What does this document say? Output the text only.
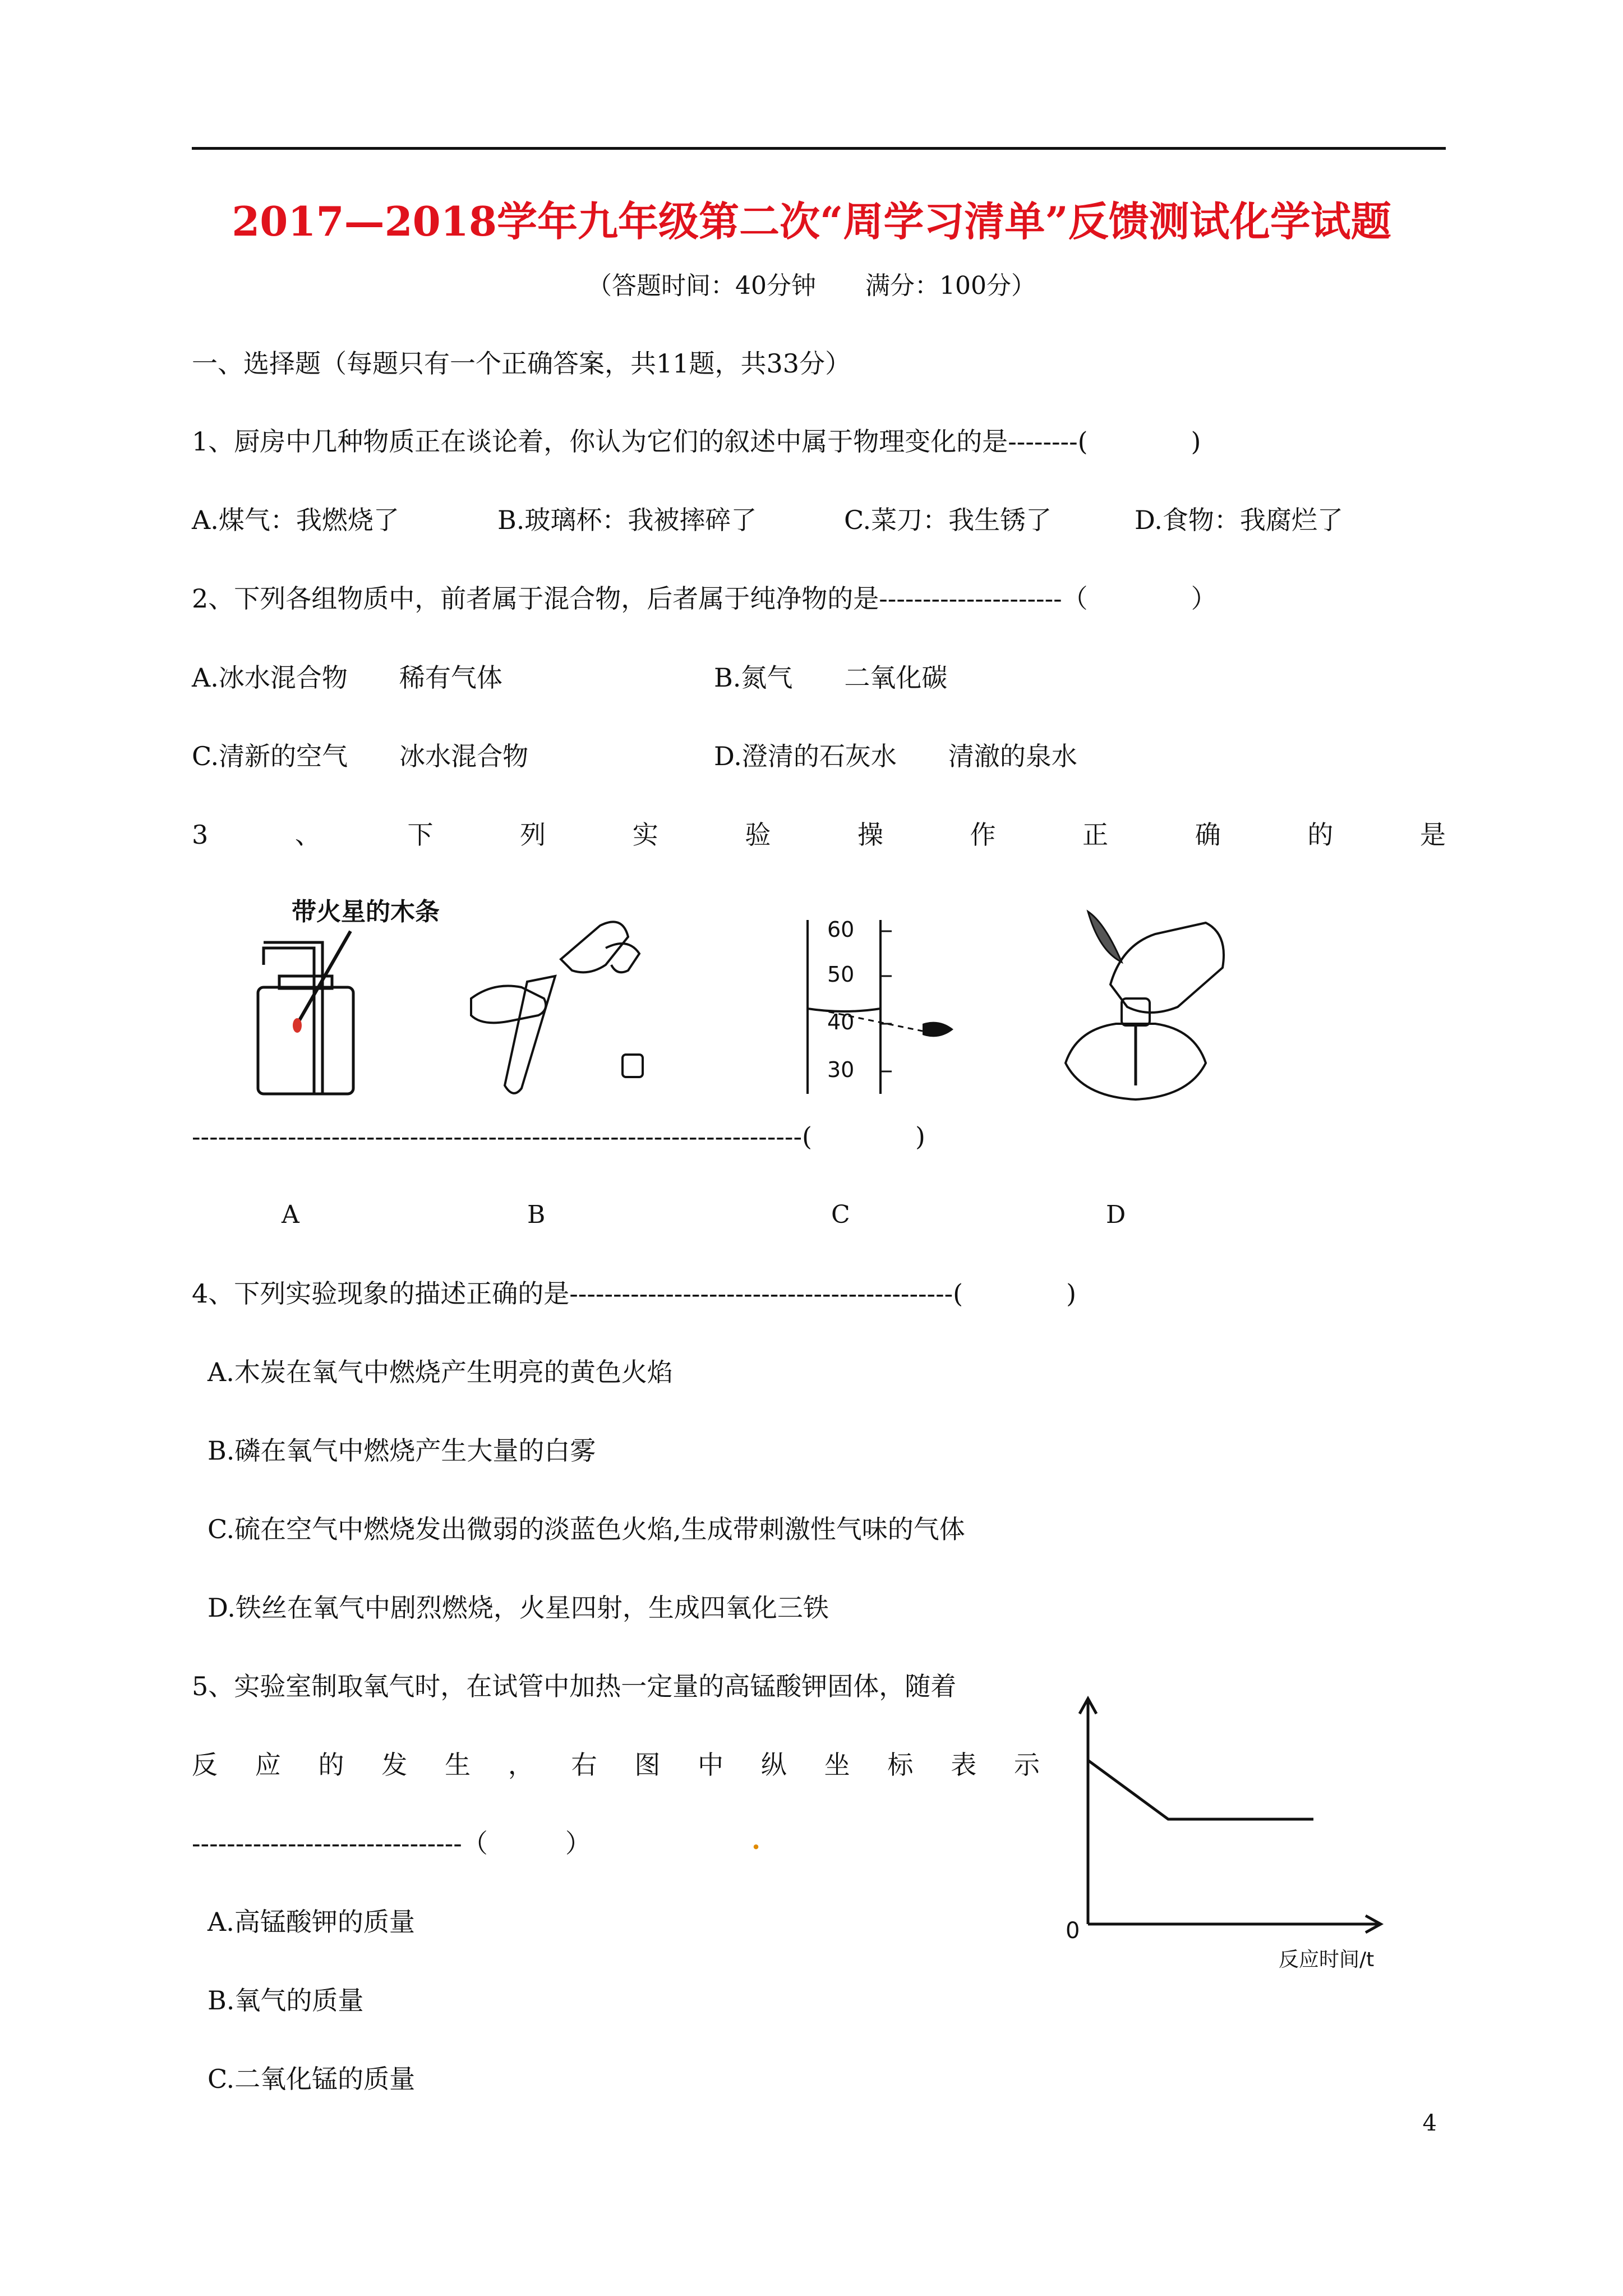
2017—2018学年九年级第二次“周学习清单”反馈测试化学试题
（答题时间：40分钟　　满分：100分）
一、选择题（每题只有一个正确答案，共11题，共33分）
1、厨房中几种物质正在谈论着，你认为它们的叙述中属于物理变化的是--------(　　　　)
A.煤气：我燃烧了	B.玻璃杯：我被摔碎了	C.菜刀：我生锈了	D.食物：我腐烂了
2、下列各组物质中，前者属于混合物，后者属于纯净物的是---------------------（　　　　）
A.冰水混合物　　稀有气体	B.氮气　　二氧化碳
C.清新的空气　　冰水混合物	D.澄清的石灰水　　清澈的泉水
3	、	下	列	实	验	操	作	正	确	的	是
带火星的木条
60
50
40
30
----------------------------------------------------------------------(　　　　)
A	B	C	D
4、下列实验现象的描述正确的是--------------------------------------------(　　　　)
A.木炭在氧气中燃烧产生明亮的黄色火焰
B.磷在氧气中燃烧产生大量的白雾
C.硫在空气中燃烧发出微弱的淡蓝色火焰,生成带刺激性气味的气体
D.铁丝在氧气中剧烈燃烧，火星四射，生成四氧化三铁
5、实验室制取氧气时，在试管中加热一定量的高锰酸钾固体，随着
反 应 的 发 生 ， 右 图 中 纵 坐 标 表 示
-------------------------------（　　　）	.
A.高锰酸钾的质量
B.氧气的质量
C.二氧化锰的质量
0
反应时间/t
4
